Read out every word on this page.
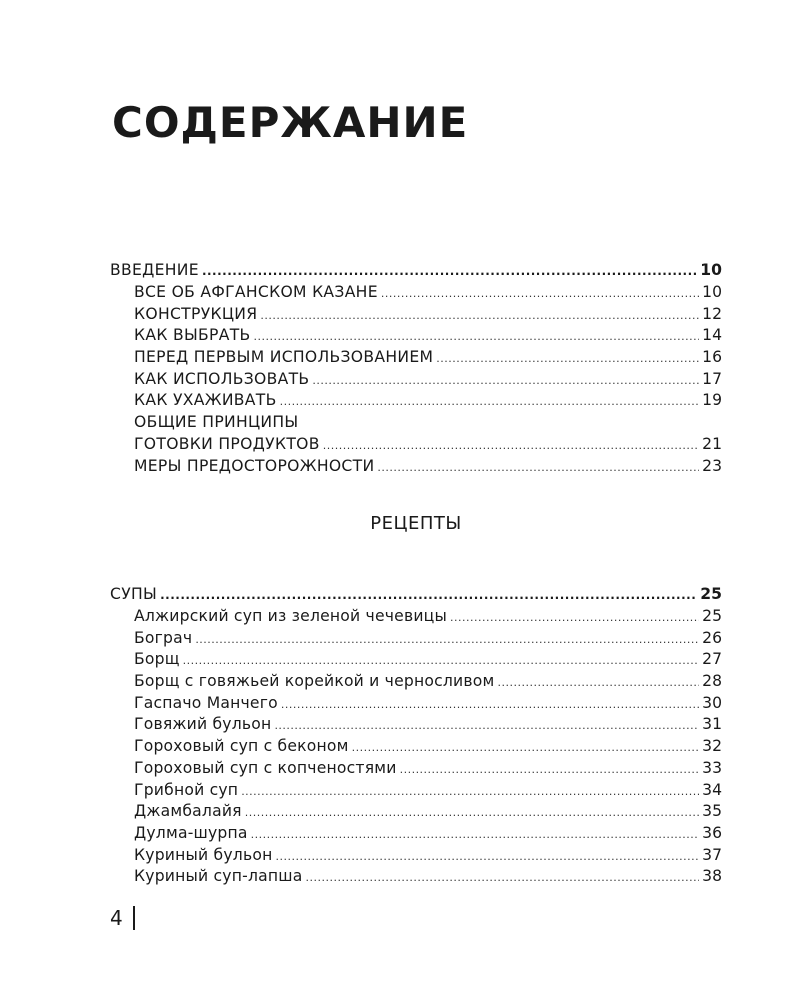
СОДЕРЖАНИЕ
ВВЕДЕНИЕ .....	10
ВСЕ ОБ АФГАНСКОМ КАЗАНЕ .....	10
КОНСТРУКЦИЯ .....	12
КАК ВЫБРАТЬ .....	14
ПЕРЕД ПЕРВЫМ ИСПОЛЬЗОВАНИЕМ .....	16
КАК ИСПОЛЬЗОВАТЬ .....	17
КАК УХАЖИВАТЬ .....	19
ОБЩИЕ ПРИНЦИПЫ
ГОТОВКИ ПРОДУКТОВ .....	21
МЕРЫ ПРЕДОСТОРОЖНОСТИ .....	23
РЕЦЕПТЫ
СУПЫ .....	25
Алжирский суп из зеленой чечевицы .....	25
Бограч .....	26
Борщ .....	27
Борщ с говяжьей корейкой и черносливом .....	28
Гаспачо Манчего .....	30
Говяжий бульон .....	31
Гороховый суп с беконом .....	32
Гороховый суп с копченостями .....	33
Грибной суп .....	34
Джамбалайя .....	35
Дулма-шурпа .....	36
Куриный бульон .....	37
Куриный суп-лапша .....	38
4
